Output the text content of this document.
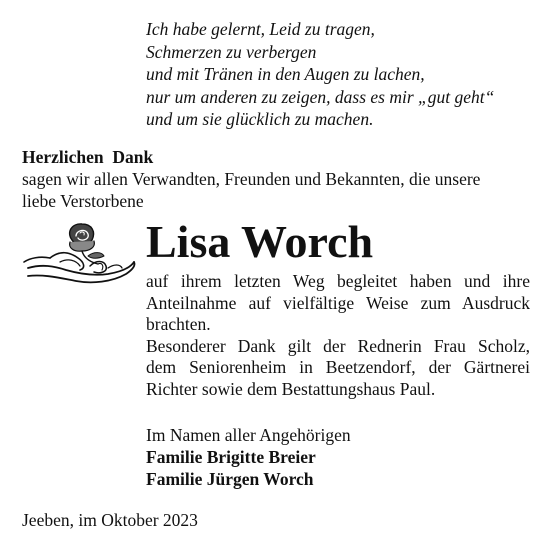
Ich habe gelernt, Leid zu tragen,
Schmerzen zu verbergen
und mit Tränen in den Augen zu lachen,
nur um anderen zu zeigen, dass es mir „gut geht“
und um sie glücklich zu machen.
Herzlichen  Dank
sagen wir allen Verwandten, Freunden und Bekannten, die unsere
liebe Verstorbene
Lisa Worch
auf ihrem letzten Weg begleitet haben und ihre
Anteilnahme auf vielfältige Weise zum Ausdruck
brachten.
Besonderer Dank gilt der Rednerin Frau Scholz,
dem Seniorenheim in Beetzendorf, der Gärtnerei
Richter sowie dem Bestattungshaus Paul.
Im Namen aller Angehörigen
Familie Brigitte Breier
Familie Jürgen Worch
Jeeben, im Oktober 2023
